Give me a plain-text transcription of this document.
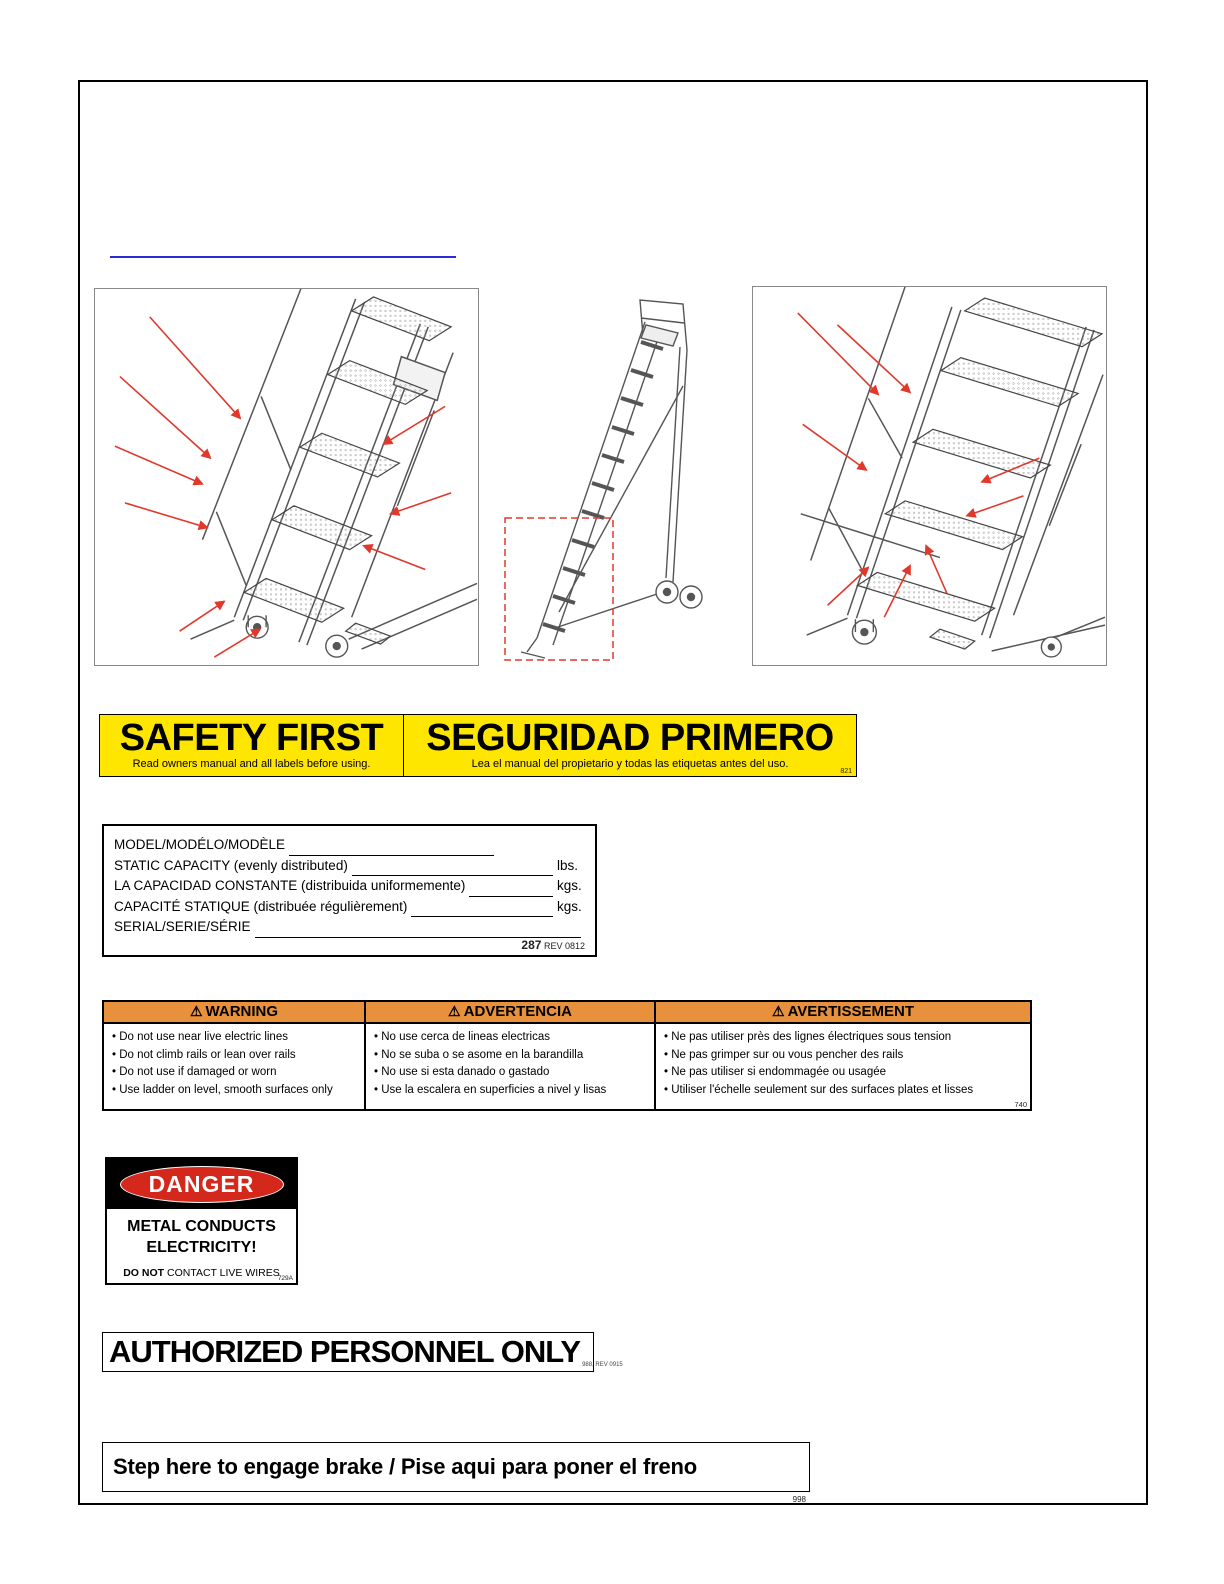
SAFETY FIRST
Read owners manual and all labels before using.
SEGURIDAD PRIMERO
Lea el manual del propietario y todas las etiquetas antes del uso.
821
MODEL/MODÉLO/MODÈLE
STATIC CAPACITY (evenly distributed)	lbs.
LA CAPACIDAD CONSTANTE (distribuida uniformemente)	kgs.
CAPACITÉ STATIQUE (distribuée régulièrement)	kgs.
SERIAL/SERIE/SÉRIE
287 REV 0812
⚠ WARNING	⚠ ADVERTENCIA	⚠ AVERTISSEMENT
• Do not use near live electric lines
• Do not climb rails or lean over rails
• Do not use if damaged or worn
• Use ladder on level, smooth surfaces only
• No use cerca de lineas electricas
• No se suba o se asome en la barandilla
• No use si esta danado o gastado
• Use la escalera en superficies a nivel y lisas
• Ne pas utiliser près des lignes électriques sous tension
• Ne pas grimper sur ou vous pencher des rails
• Ne pas utiliser si endommagée ou usagée
• Utiliser l'échelle seulement sur des surfaces plates et lisses
740
DANGER
METAL CONDUCTS
ELECTRICITY!
DO NOT CONTACT LIVE WIRES
729A
AUTHORIZED PERSONNEL ONLY 988, REV 0915
Step here to engage brake / Pise aqui para poner el freno
998
